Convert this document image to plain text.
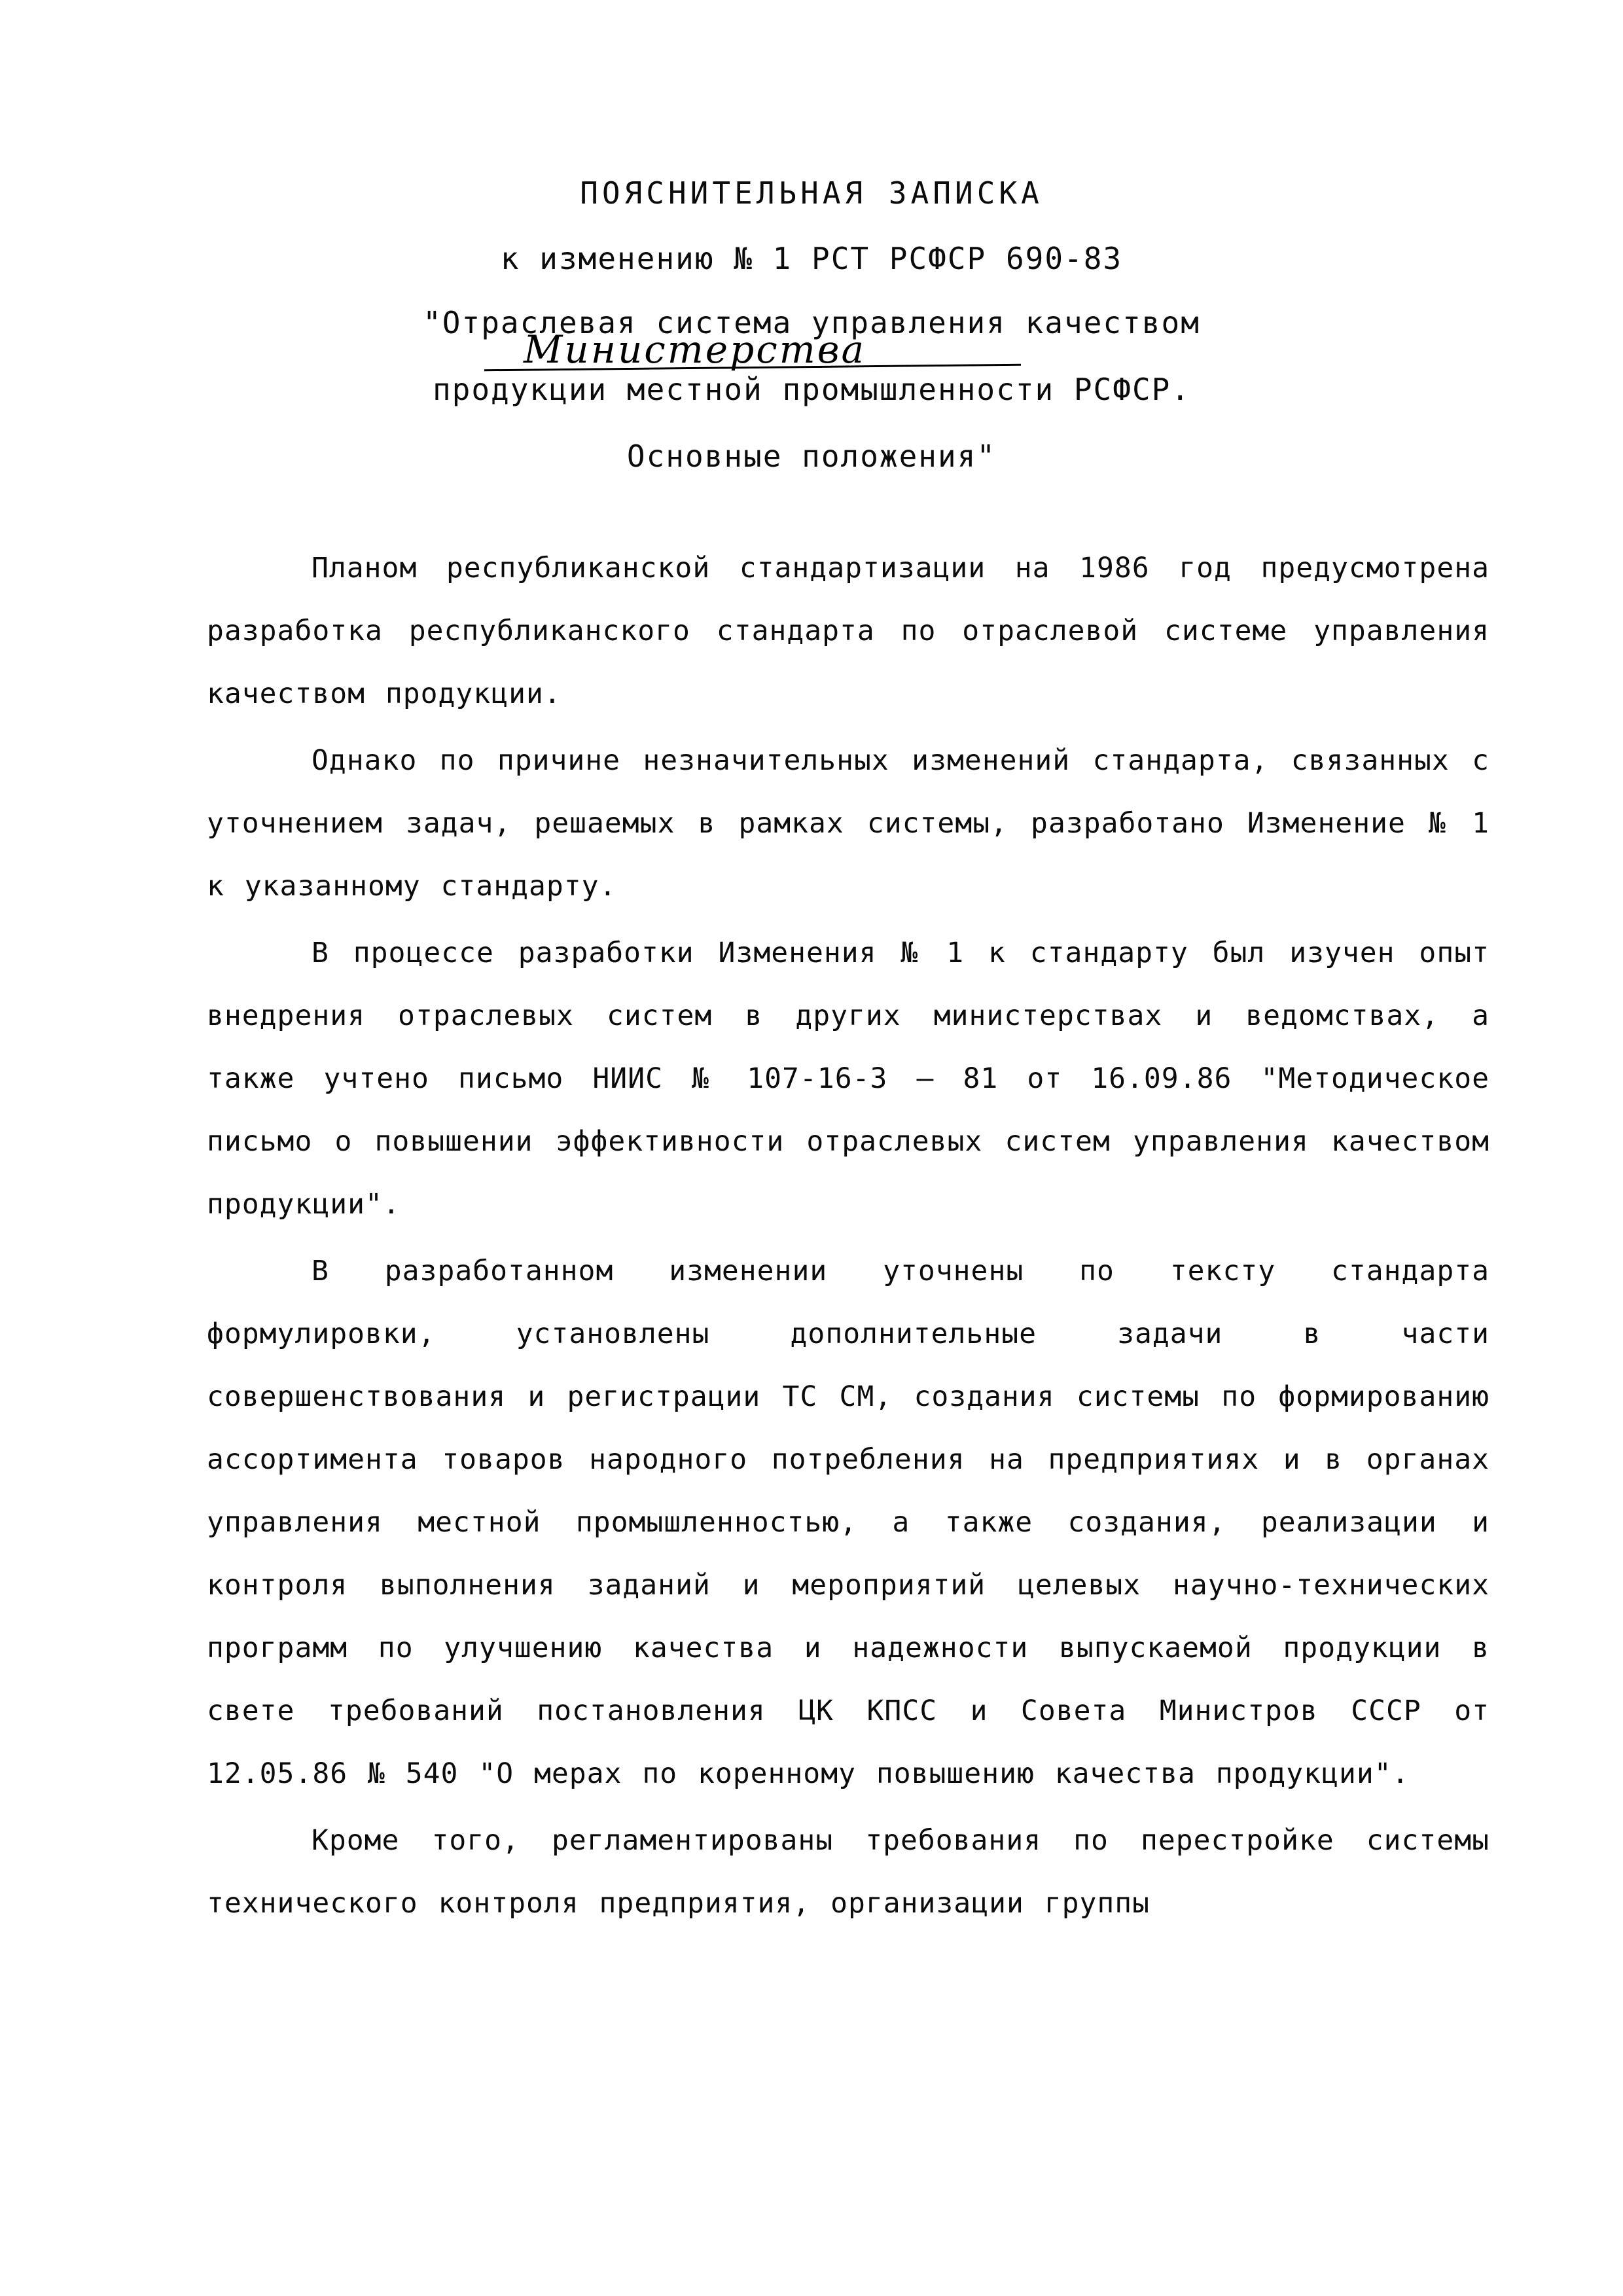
ПОЯСНИТЕЛЬНАЯ ЗАПИСКА

к изменению № 1 РСТ РСФСР 690-83

"Отраслевая система управления качеством

Министерства

продукции местной промышленности РСФСР.

Основные положения"

Планом республиканской стандартизации на 1986 год предусмотрена разработка республиканского стандарта по отраслевой системе управления качеством продукции.

Однако по причине незначительных изменений стандарта, связанных с уточнением задач, решаемых в рамках системы, разработано Изменение № 1 к указанному стандарту.

В процессе разработки Изменения № 1 к стандарту был изучен опыт внедрения отраслевых систем в других министерствах и ведомствах, а также учтено письмо НИИС № 107-16-3 — 81 от 16.09.86 "Методическое письмо о повышении эффективности отраслевых систем управления качеством продукции".

В разработанном изменении уточнены по тексту стандарта формулировки, установлены дополнительные задачи в части совершенствования и регистрации ТС СМ, создания системы по формированию ассортимента товаров народного потребления на предприятиях и в органах управления местной промышленностью, а также создания, реализации и контроля выполнения заданий и мероприятий целевых научно-технических программ по улучшению качества и надежности выпускаемой продукции в свете требований постановления ЦК КПСС и Совета Министров СССР от 12.05.86 № 540 "О мерах по коренному повышению качества продукции".

Кроме того, регламентированы требования по перестройке системы технического контроля предприятия, организации группы
